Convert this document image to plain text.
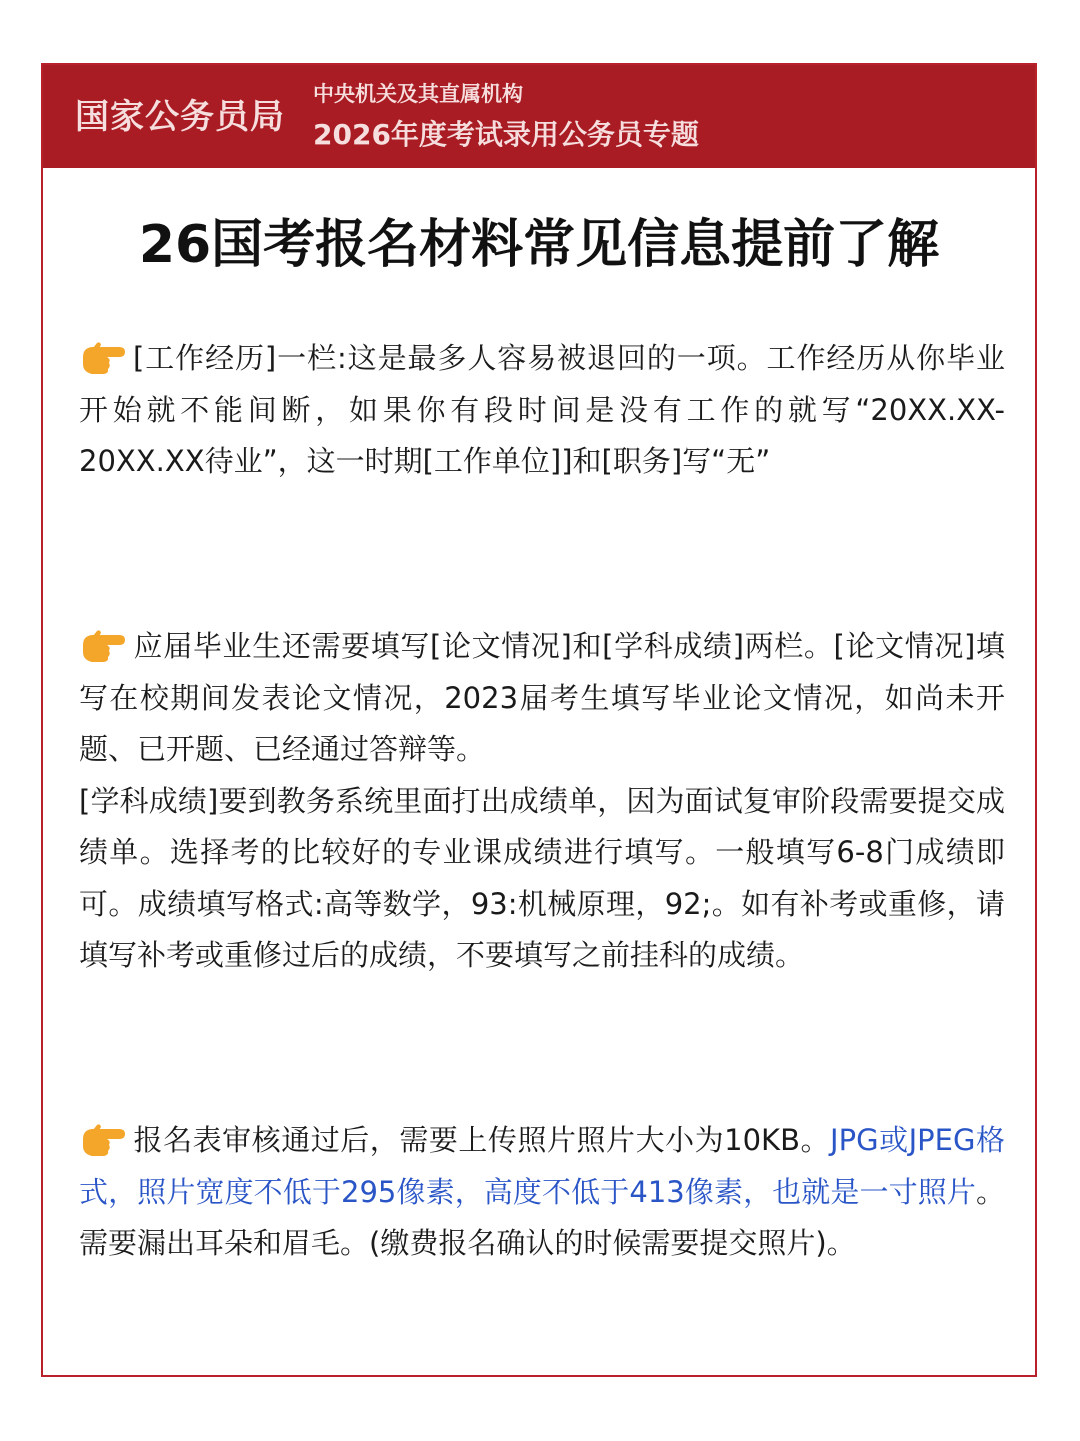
国家公务员局
中央机关及其直属机构
2026年度考试录用公务员专题
26国考报名材料常见信息提前了解

[工作经历]一栏:这是最多人容易被退回的一项。工作经历从你毕业开始就不能间断，如果你有段时间是没有工作的就写“20XX.XX-20XX.XX待业”，这一时期[工作单位]]和[职务]写“无”

应届毕业生还需要填写[论文情况]和[学科成绩]两栏。[论文情况]填写在校期间发表论文情况，2023届考生填写毕业论文情况，如尚未开题、已开题、已经通过答辩等。

[学科成绩]要到教务系统里面打出成绩单，因为面试复审阶段需要提交成绩单。选择考的比较好的专业课成绩进行填写。一般填写6-8门成绩即可。成绩填写格式:高等数学，93:机械原理，92;。如有补考或重修，请填写补考或重修过后的成绩，不要填写之前挂科的成绩。

报名表审核通过后，需要上传照片照片大小为10KB。JPG或JPEG格式，照片宽度不低于295像素，高度不低于413像素，也就是一寸照片。需要漏出耳朵和眉毛。(缴费报名确认的时候需要提交照片)。
